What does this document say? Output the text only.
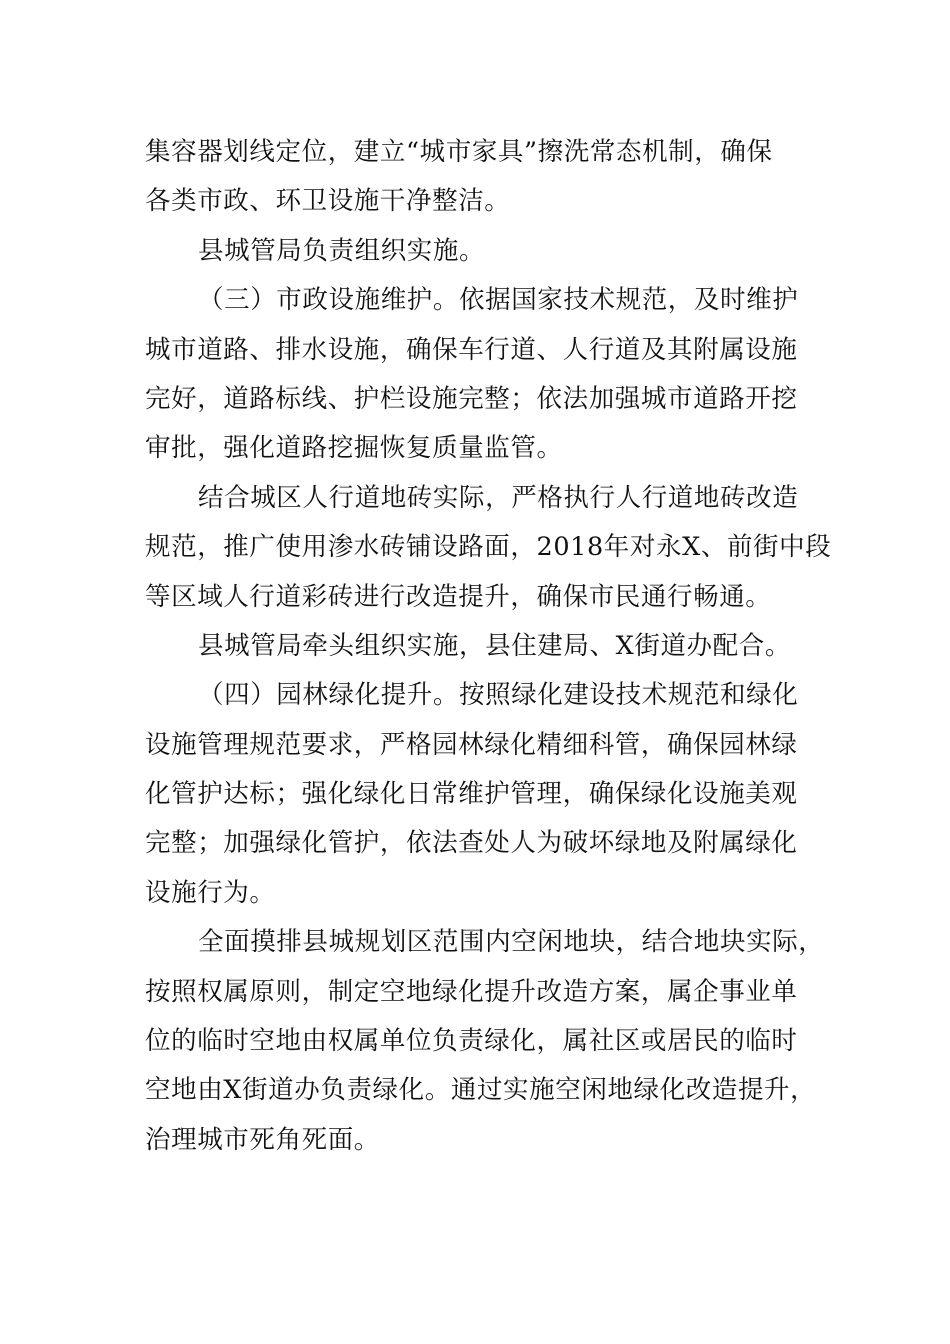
集容器划线定位，建立“城市家具”擦洗常态机制，确保
各类市政、环卫设施干净整洁。
县城管局负责组织实施。
（三）市政设施维护。依据国家技术规范，及时维护
城市道路、排水设施，确保车行道、人行道及其附属设施
完好，道路标线、护栏设施完整；依法加强城市道路开挖
审批，强化道路挖掘恢复质量监管。
结合城区人行道地砖实际，严格执行人行道地砖改造
规范，推广使用渗水砖铺设路面，2018年对永X、前街中段
等区域人行道彩砖进行改造提升，确保市民通行畅通。
县城管局牵头组织实施，县住建局、X街道办配合。
（四）园林绿化提升。按照绿化建设技术规范和绿化
设施管理规范要求，严格园林绿化精细科管，确保园林绿
化管护达标；强化绿化日常维护管理，确保绿化设施美观
完整；加强绿化管护，依法查处人为破坏绿地及附属绿化
设施行为。
全面摸排县城规划区范围内空闲地块，结合地块实际，
按照权属原则，制定空地绿化提升改造方案，属企事业单
位的临时空地由权属单位负责绿化，属社区或居民的临时
空地由X街道办负责绿化。通过实施空闲地绿化改造提升，
治理城市死角死面。
